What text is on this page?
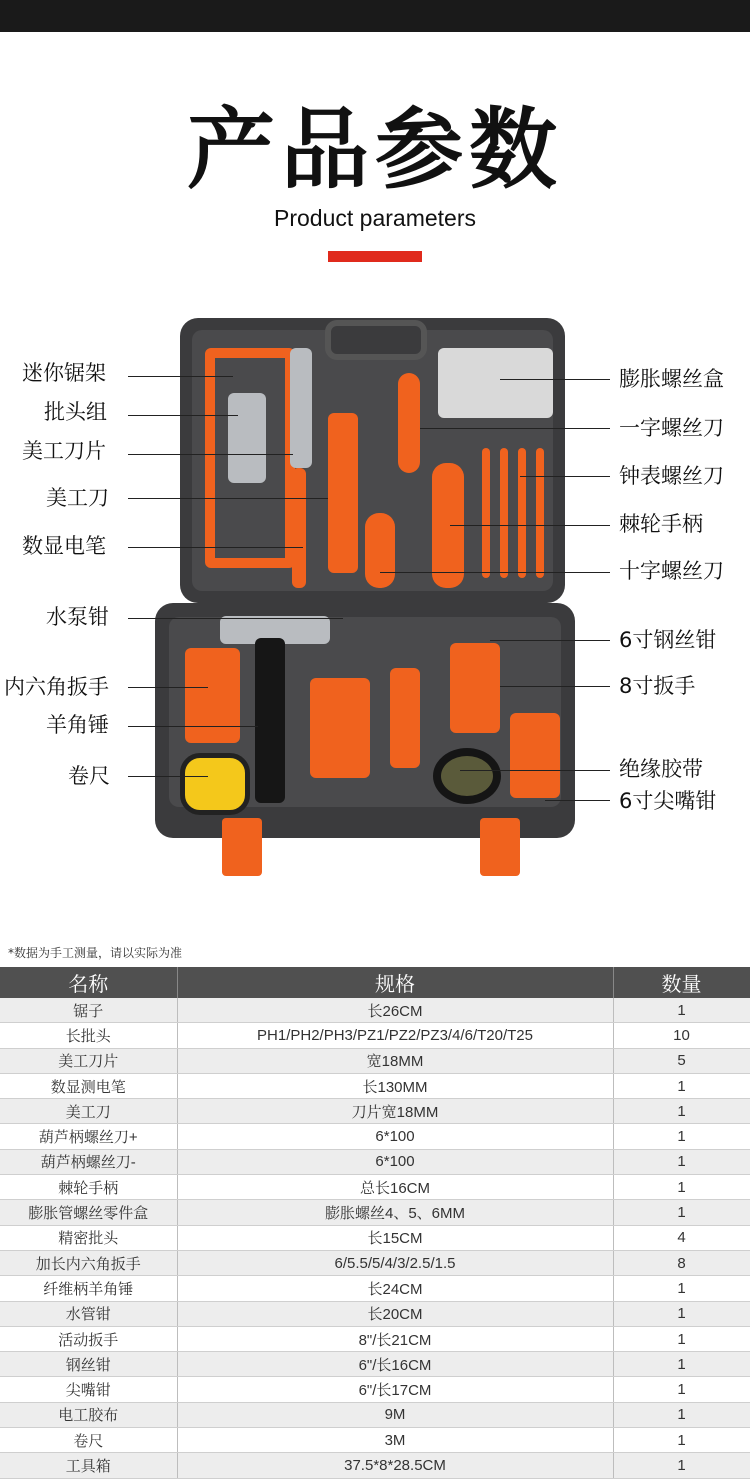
产品参数
Product parameters
迷你锯架
批头组
美工刀片
美工刀
数显电笔
水泵钳
内六角扳手
羊角锤
卷尺
膨胀螺丝盒
一字螺丝刀
钟表螺丝刀
棘轮手柄
十字螺丝刀
6寸钢丝钳
8寸扳手
绝缘胶带
6寸尖嘴钳
*数据为手工测量，请以实际为准
名称	规格	数量
锯子	长26CM	1
长批头	PH1/PH2/PH3/PZ1/PZ2/PZ3/4/6/T20/T25	10
美工刀片	宽18MM	5
数显测电笔	长130MM	1
美工刀	刀片宽18MM	1
葫芦柄螺丝刀+	6*100	1
葫芦柄螺丝刀-	6*100	1
棘轮手柄	总长16CM	1
膨胀管螺丝零件盒	膨胀螺丝4、5、6MM	1
精密批头	长15CM	4
加长内六角扳手	6/5.5/5/4/3/2.5/1.5	8
纤维柄羊角锤	长24CM	1
水管钳	长20CM	1
活动扳手	8"/长21CM	1
钢丝钳	6"/长16CM	1
尖嘴钳	6"/长17CM	1
电工胶布	9M	1
卷尺	3M	1
工具箱	37.5*8*28.5CM	1
